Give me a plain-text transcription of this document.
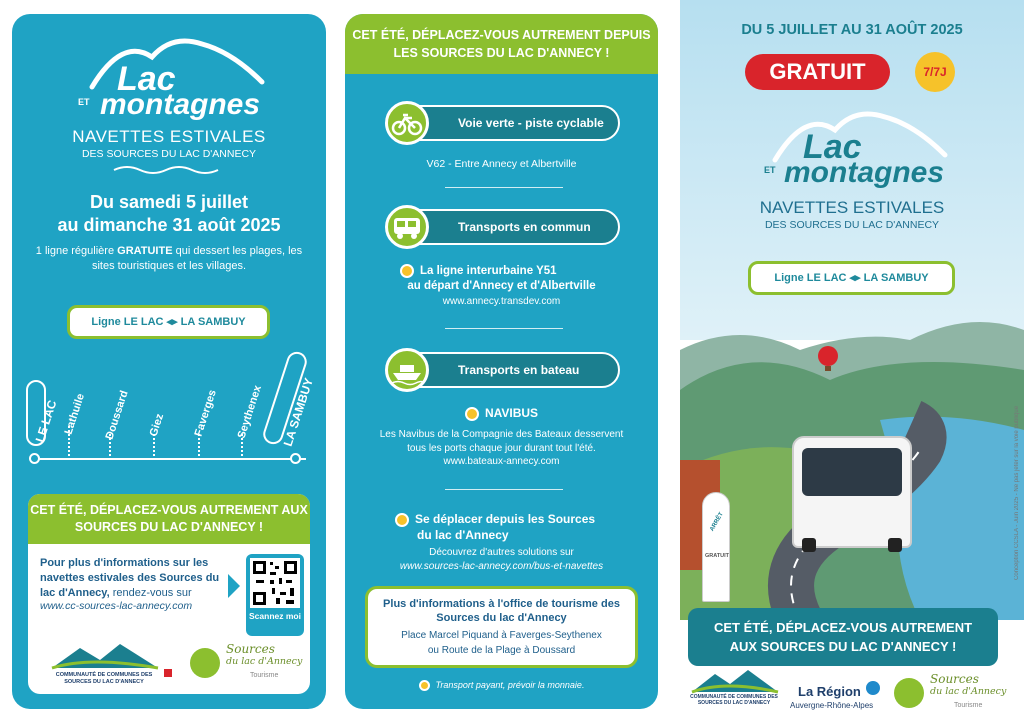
Lac
ET montagnes
NAVETTES ESTIVALES
DES SOURCES DU LAC D'ANNECY
Du samedi 5 juillet
au dimanche 31 août 2025
1 ligne régulière GRATUITE qui dessert les plages, les sites touristiques et les villages.
Ligne LE LAC ◂▸ LA SAMBUY
LE LAC Lathuile Doussard Giez Faverges Seythenex LA SAMBUY
CET ÉTÉ, DÉPLACEZ-VOUS AUTREMENT AUX SOURCES DU LAC D'ANNECY !
Pour plus d'informations sur les navettes estivales des Sources du lac d'Annecy, rendez-vous sur
www.cc-sources-lac-annecy.com
Scannez moi
COMMUNAUTÉ DE COMMUNES DES SOURCES DU LAC D'ANNECY
Sources
du lac d'Annecy
Tourisme
CET ÉTÉ, DÉPLACEZ-VOUS AUTREMENT DEPUIS LES SOURCES DU LAC D'ANNECY !
Voie verte - piste cyclable
V62 - Entre Annecy et Albertville
Transports en commun
La ligne interurbaine Y51
au départ d'Annecy et d'Albertville
www.annecy.transdev.com
Transports en bateau
NAVIBUS
Les Navibus de la Compagnie des Bateaux desservent tous les ports chaque jour durant tout l'été.
www.bateaux-annecy.com
Se déplacer depuis les Sources
du lac d'Annecy
Découvrez d'autres solutions sur
www.sources-lac-annecy.com/bus-et-navettes
Plus d'informations à l'office de tourisme des Sources du lac d'Annecy
Place Marcel Piquand à Faverges-Seythenex
ou Route de la Plage à Doussard
Transport payant, prévoir la monnaie.
DU 5 JUILLET AU 31 AOÛT 2025
GRATUIT	7/7J
Lac
ET montagnes
NAVETTES ESTIVALES
DES SOURCES DU LAC D'ANNECY
Ligne LE LAC ◂▸ LA SAMBUY
ARRÊT
GRATUIT	Conception CCSLA - Juin 2025 - Ne pas jeter sur la voie publique
CET ÉTÉ, DÉPLACEZ-VOUS AUTREMENT AUX SOURCES DU LAC D'ANNECY !
COMMUNAUTÉ DE COMMUNES DES SOURCES DU LAC D'ANNECY
La Région
Auvergne-Rhône-Alpes
Sources
du lac d'Annecy
Tourisme
